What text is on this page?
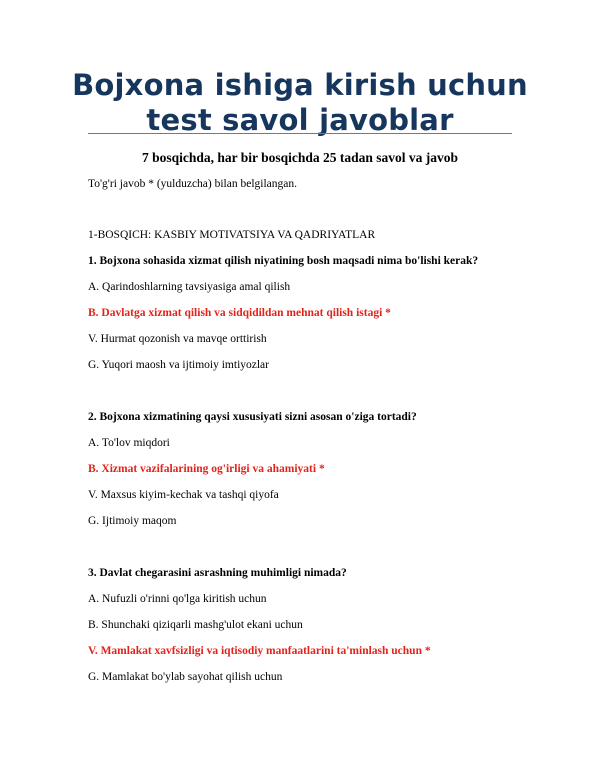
Bojxona ishiga kirish uchun
test savol javoblar
7 bosqichda, har bir bosqichda 25 tadan savol va javob
To'g'ri javob * (yulduzcha) bilan belgilangan.
1-BOSQICH: KASBIY MOTIVATSIYA VA QADRIYATLAR
1. Bojxona sohasida xizmat qilish niyatining bosh maqsadi nima bo'lishi kerak?
A. Qarindoshlarning tavsiyasiga amal qilish
B. Davlatga xizmat qilish va sidqidildan mehnat qilish istagi *
V. Hurmat qozonish va mavqe orttirish
G. Yuqori maosh va ijtimoiy imtiyozlar
2. Bojxona xizmatining qaysi xususiyati sizni asosan o'ziga tortadi?
A. To'lov miqdori
B. Xizmat vazifalarining og'irligi va ahamiyati *
V. Maxsus kiyim-kechak va tashqi qiyofa
G. Ijtimoiy maqom
3. Davlat chegarasini asrashning muhimligi nimada?
A. Nufuzli o'rinni qo'lga kiritish uchun
B. Shunchaki qiziqarli mashg'ulot ekani uchun
V. Mamlakat xavfsizligi va iqtisodiy manfaatlarini ta'minlash uchun *
G. Mamlakat bo'ylab sayohat qilish uchun
